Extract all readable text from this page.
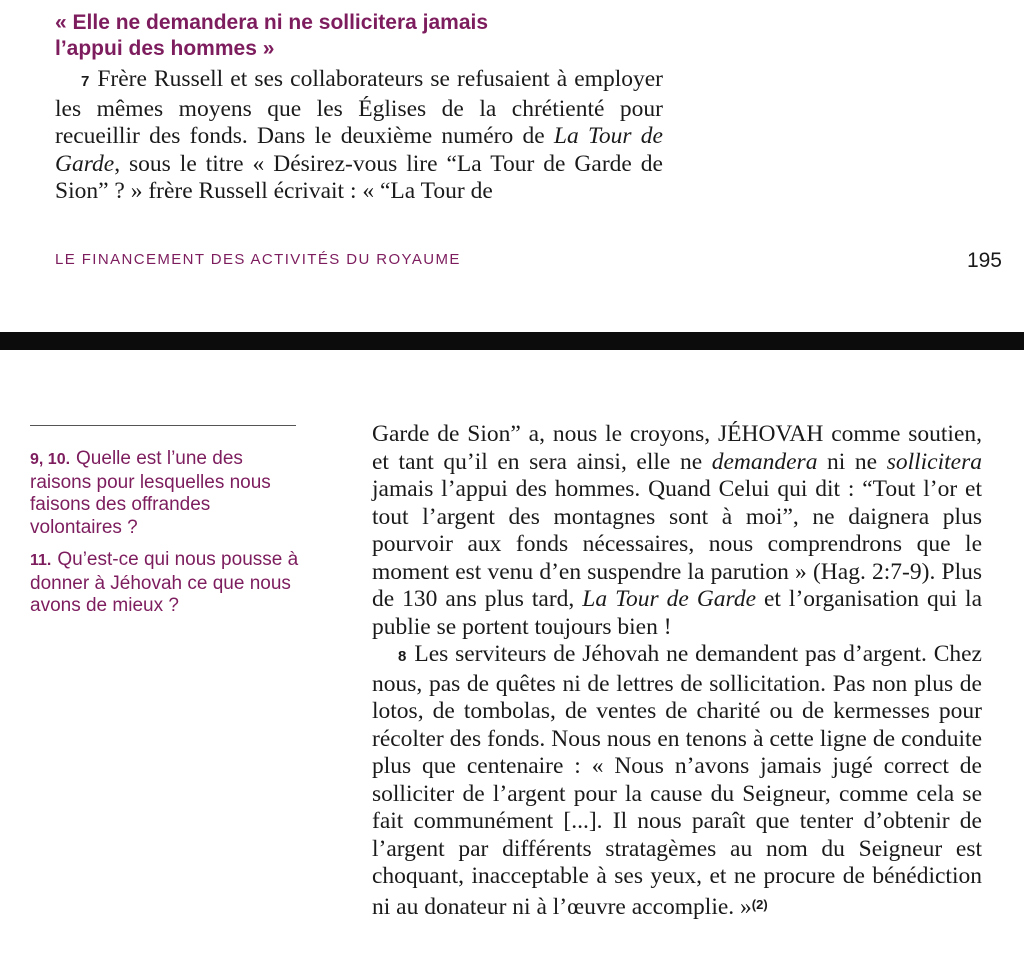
« Elle ne demandera ni ne sollicitera jamais
l’appui des hommes »
7 Frère Russell et ses collaborateurs se refusaient à employer les mêmes moyens que les Églises de la chrétienté pour recueillir des fonds. Dans le deuxième numéro de La Tour de Garde, sous le titre « Désirez-vous lire “La Tour de Garde de Sion” ? » frère Russell écrivait : « “La Tour de
LE FINANCEMENT DES ACTIVITÉS DU ROYAUME	195
9, 10. Quelle est l’une des raisons pour lesquelles nous faisons des offrandes volontaires ?
11. Qu’est-ce qui nous pousse à donner à Jéhovah ce que nous avons de mieux ?

Garde de Sion” a, nous le croyons, JÉHOVAH comme soutien, et tant qu’il en sera ainsi, elle ne demandera ni ne sollicitera jamais l’appui des hommes. Quand Celui qui dit : “Tout l’or et tout l’argent des montagnes sont à moi”, ne daignera plus pourvoir aux fonds nécessaires, nous comprendrons que le moment est venu d’en suspendre la parution » (Hag. 2:7-9). Plus de 130 ans plus tard, La Tour de Garde et l’organisation qui la publie se portent toujours bien !

8 Les serviteurs de Jéhovah ne demandent pas d’argent. Chez nous, pas de quêtes ni de lettres de sollicitation. Pas non plus de lotos, de tombolas, de ventes de charité ou de kermesses pour récolter des fonds. Nous nous en tenons à cette ligne de conduite plus que centenaire : « Nous n’avons jamais jugé correct de solliciter de l’argent pour la cause du Seigneur, comme cela se fait communément [...]. Il nous paraît que tenter d’obtenir de l’argent par différents stratagèmes au nom du Seigneur est choquant, inacceptable à ses yeux, et ne procure de bénédiction ni au donateur ni à l’œuvre accomplie. »$^{(2)}$
